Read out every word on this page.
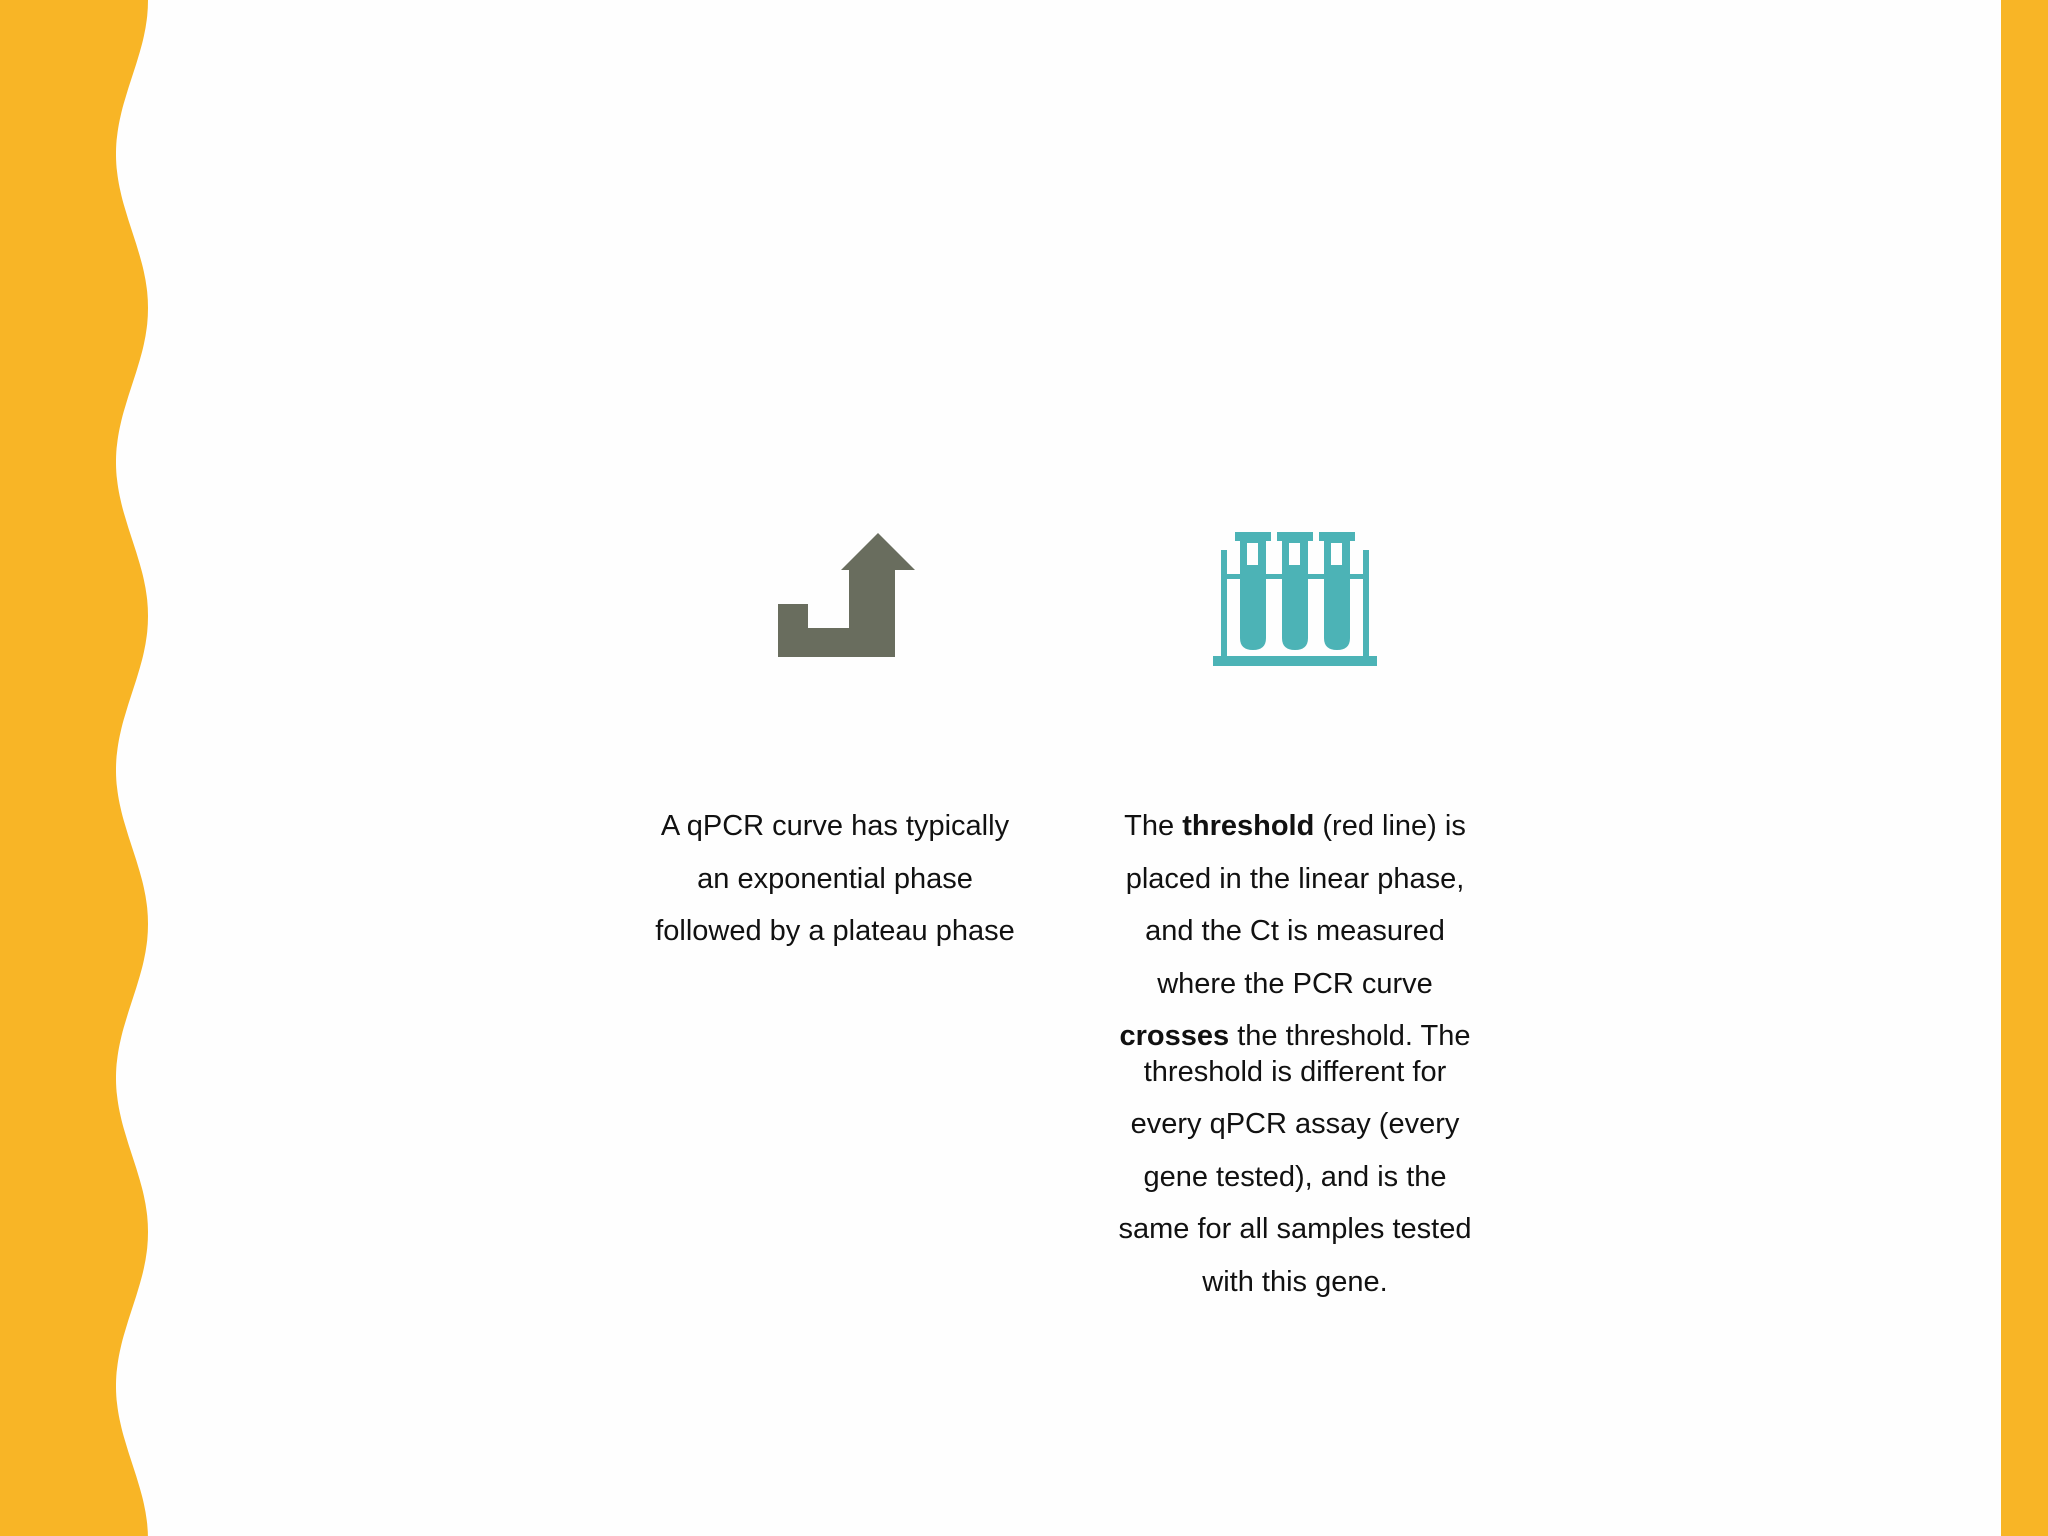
A qPCR curve has typically
an exponential phase
followed by a plateau phase

The threshold (red line) is
placed in the linear phase,
and the Ct is measured
where the PCR curve
crosses the threshold. The
threshold is different for
every qPCR assay (every
gene tested), and is the
same for all samples tested
with this gene.
